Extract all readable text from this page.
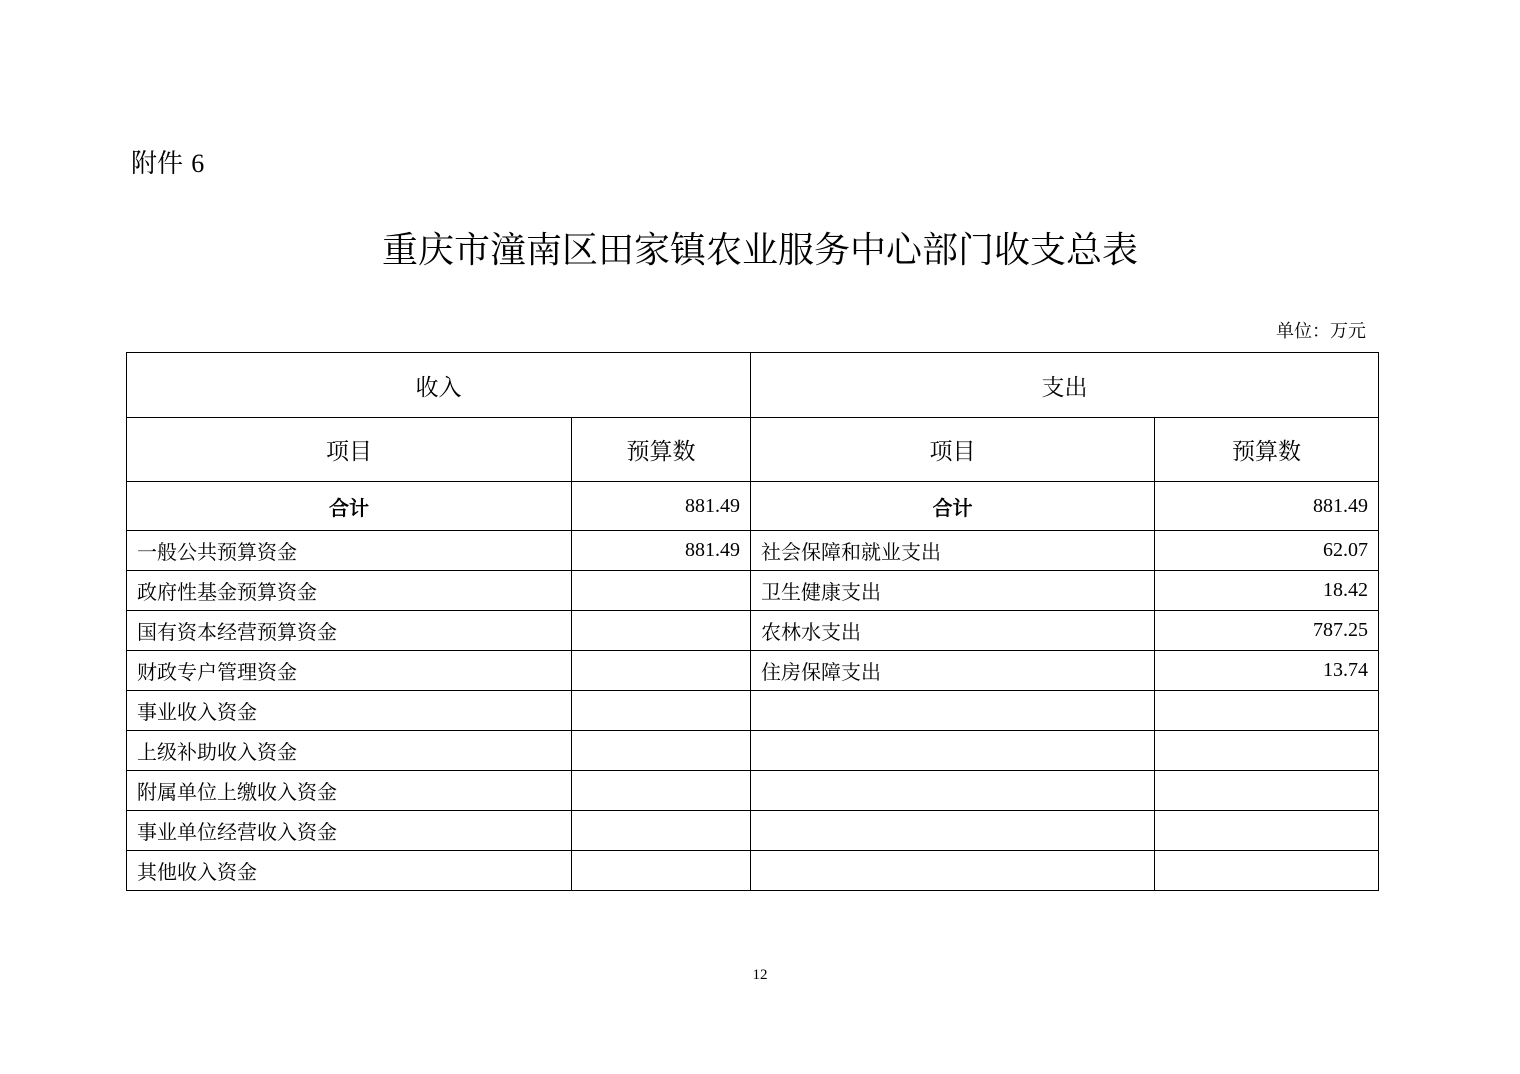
附件 6
重庆市潼南区田家镇农业服务中心部门收支总表
单位：万元
收入		支出	
项目	预算数	项目	预算数
合计	881.49	合计	881.49
一般公共预算资金	881.49	社会保障和就业支出	62.07
政府性基金预算资金		卫生健康支出	18.42
国有资本经营预算资金		农林水支出	787.25
财政专户管理资金		住房保障支出	13.74
事业收入资金			
上级补助收入资金			
附属单位上缴收入资金			
事业单位经营收入资金			
其他收入资金			
12
